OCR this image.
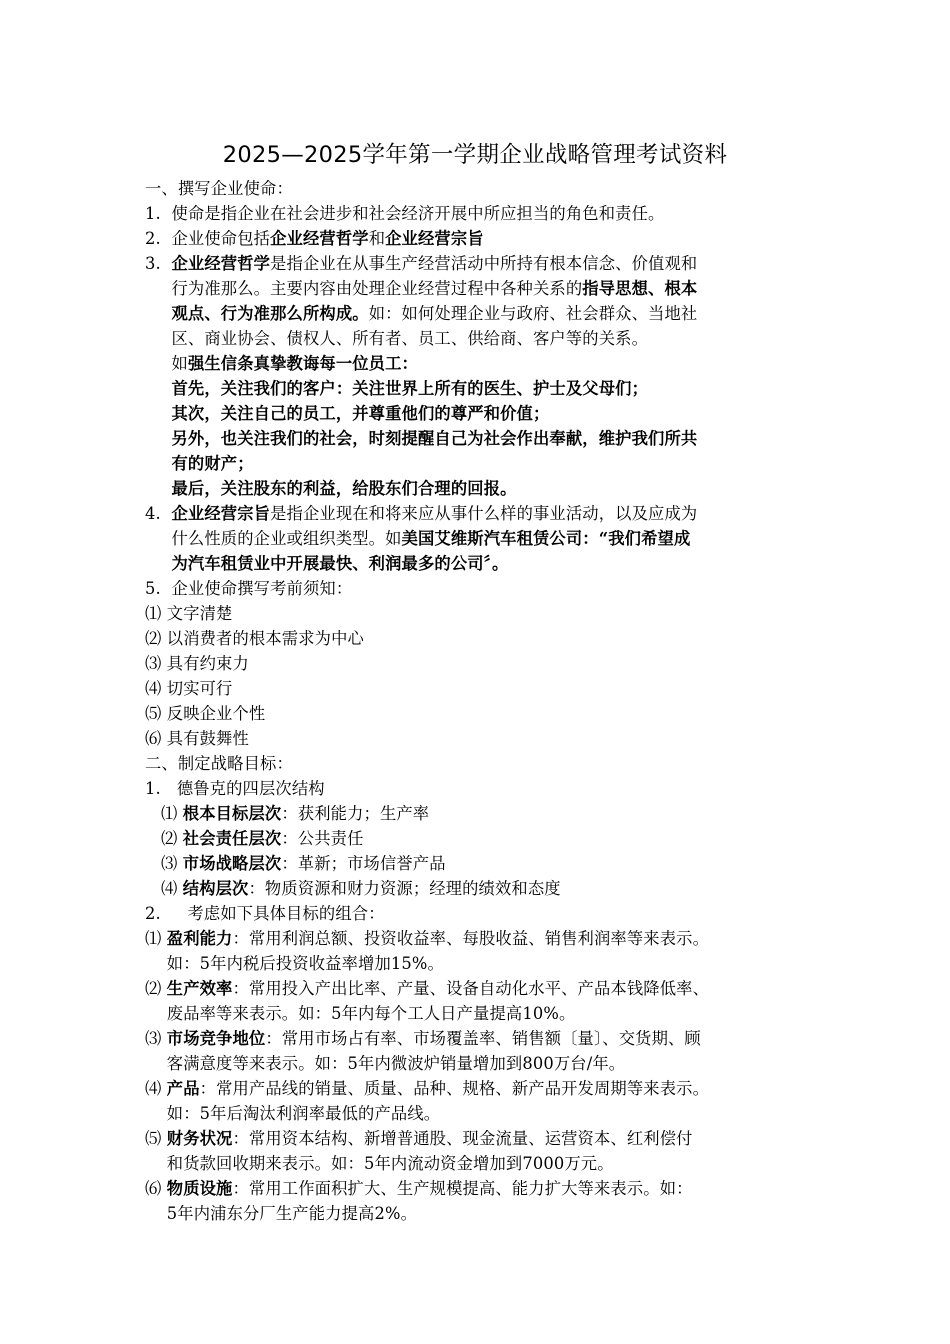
2025—2025学年第一学期企业战略管理考试资料
一、撰写企业使命：
1. 使命是指企业在社会进步和社会经济开展中所应担当的角色和责任。
2. 企业使命包括企业经营哲学和企业经营宗旨
3. 企业经营哲学是指企业在从事生产经营活动中所持有根本信念、价值观和
行为准那么。主要内容由处理企业经营过程中各种关系的指导思想、根本
观点、行为准那么所构成。如：如何处理企业与政府、社会群众、当地社
区、商业协会、债权人、所有者、员工、供给商、客户等的关系。
如强生信条真挚教诲每一位员工：
首先，关注我们的客户：关注世界上所有的医生、护士及父母们；
其次，关注自己的员工，并尊重他们的尊严和价值；
另外，也关注我们的社会，时刻提醒自己为社会作出奉献，维护我们所共
有的财产；
最后，关注股东的利益，给股东们合理的回报。
4. 企业经营宗旨是指企业现在和将来应从事什么样的事业活动，以及应成为
什么性质的企业或组织类型。如美国艾维斯汽车租赁公司：“我们希望成
为汽车租赁业中开展最快、利润最多的公司〞。
5. 企业使命撰写考前须知：
⑴ 文字清楚
⑵ 以消费者的根本需求为中心
⑶ 具有约束力
⑷ 切实可行
⑸ 反映企业个性
⑹ 具有鼓舞性
二、制定战略目标：
1. 德鲁克的四层次结构
⑴ 根本目标层次：获利能力；生产率
⑵ 社会责任层次：公共责任
⑶ 市场战略层次：革新；市场信誉产品
⑷ 结构层次：物质资源和财力资源；经理的绩效和态度
2. 考虑如下具体目标的组合：
⑴ 盈利能力：常用利润总额、投资收益率、每股收益、销售利润率等来表示。
如：5年内税后投资收益率增加15%。
⑵ 生产效率：常用投入产出比率、产量、设备自动化水平、产品本钱降低率、
废品率等来表示。如：5年内每个工人日产量提高10%。
⑶ 市场竞争地位：常用市场占有率、市场覆盖率、销售额〔量〕、交货期、顾
客满意度等来表示。如：5年内微波炉销量增加到800万台/年。
⑷ 产品：常用产品线的销量、质量、品种、规格、新产品开发周期等来表示。
如：5年后淘汰利润率最低的产品线。
⑸ 财务状况：常用资本结构、新增普通股、现金流量、运营资本、红利偿付
和货款回收期来表示。如：5年内流动资金增加到7000万元。
⑹ 物质设施：常用工作面积扩大、生产规模提高、能力扩大等来表示。如：
5年内浦东分厂生产能力提高2%。
